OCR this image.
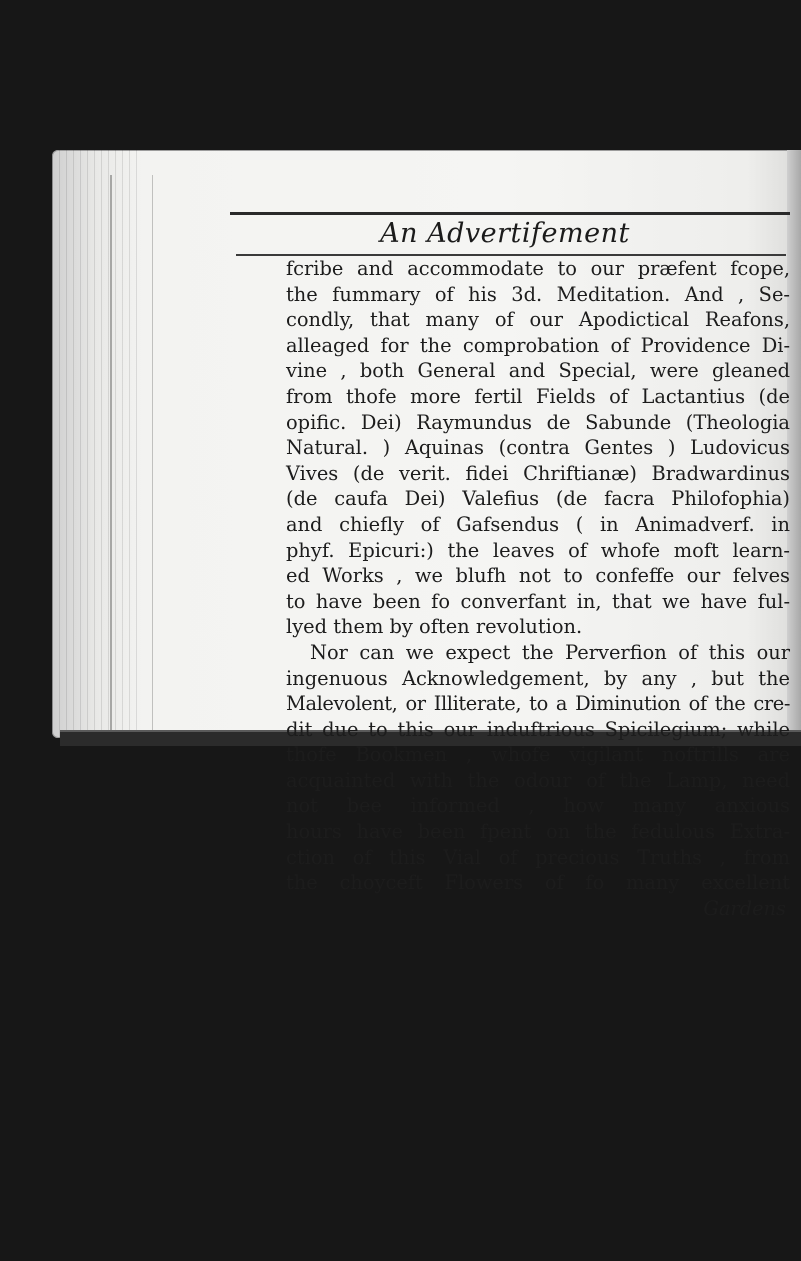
An Advertifement
fcribe and accommodate to our præfent fcope,
the fummary of his 3d. Meditation. And , Se-
condly, that many of our Apodictical Reafons,
alleaged for the comprobation of Providence Di-
vine , both General and Special, were gleaned
from thofe more fertil Fields of Lactantius (de
opific. Dei) Raymundus de Sabunde (Theologia
Natural. ) Aquinas (contra Gentes ) Ludovicus
Vives (de verit. fidei Chriftianæ) Bradwardinus
(de caufa Dei) Valefius (de facra Philofophia)
and chiefly of Gafsendus ( in Animadverf. in
phyf. Epicuri:) the leaves of whofe moft learn-
ed Works , we blufh not to confeffe our felves
to have been fo converfant in, that we have ful-
lyed them by often revolution.
Nor can we expect the Perverfion of this our
ingenuous Acknowledgement, by any , but the
Malevolent, or Illiterate, to a Diminution of the cre-
dit due to this our induftrious Spicilegium; while
thofe Bookmen , whofe vigilant noftrills are
acquainted with the odour of the Lamp, need
not bee informed , how many anxious
hours have been fpent on the fedulous Extra-
ction of this Vial of precious Truths , from
the choyceft Flowers of fo many excellent
Gardens
